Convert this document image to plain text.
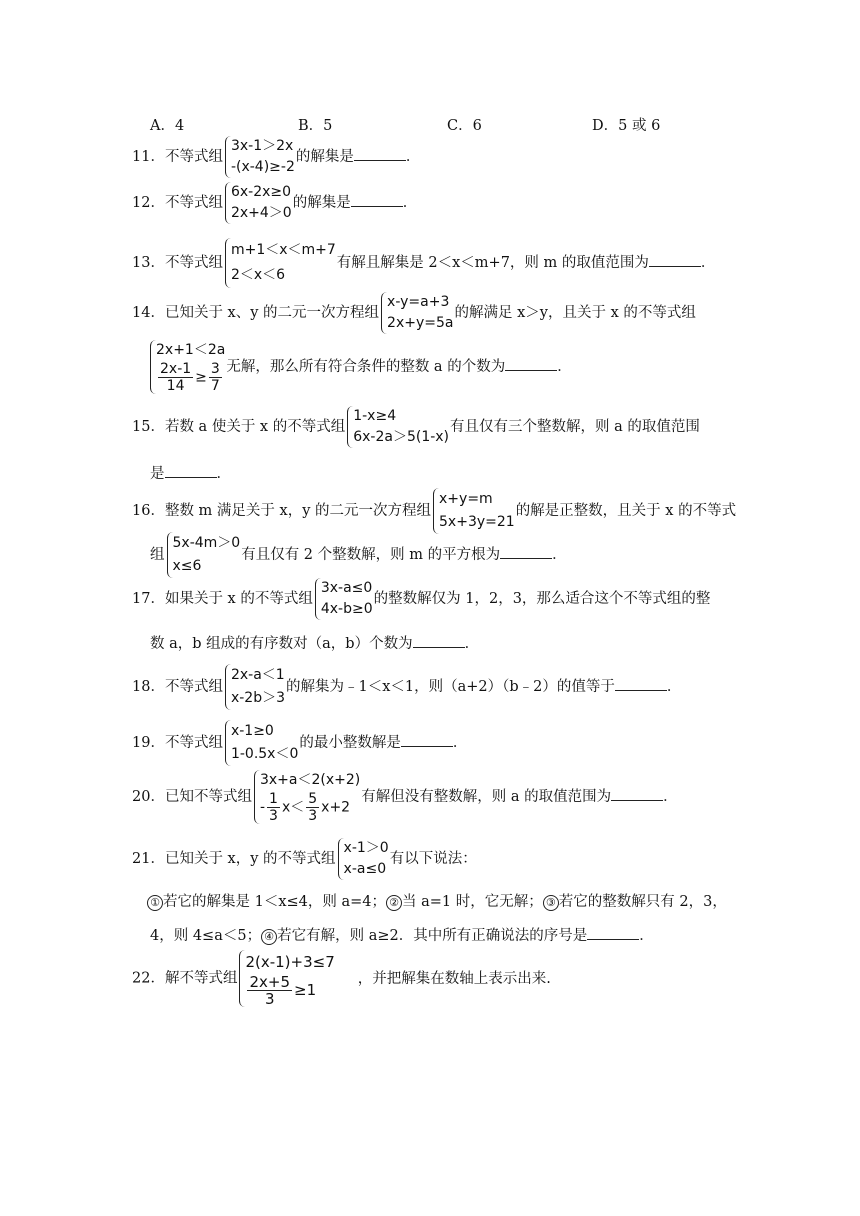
A．4	B．5	C．6	D．5 或 6
11．不等式组
3x-1＞2x
-(x-4)≥-2
的解集是	．
12．不等式组
6x-2x≥0
2x+4＞0
的解集是	．
13．不等式组
m+1＜x＜m+7
2＜x＜6
有解且解集是 2＜x＜m+7，则 m 的取值范围为	．
14．已知关于 x、y 的二元一次方程组
x-y=a+3
2x+y=5a
的解满足 x＞y，且关于 x 的不等式组
2x+1＜2a
$\frac{2x-1}{14} \ge \frac{3}{7}$ 无解，那么所有符合条件的整数 a 的个数为	．
15．若数 a 使关于 x 的不等式组
1-x≥4
6x-2a＞5(1-x)
有且仅有三个整数解，则 a 的取值范围
是	．
16．整数 m 满足关于 x，y 的二元一次方程组
x+y=m
5x+3y=21
的解是正整数，且关于 x 的不等式
组
5x-4m＞0
x≤6
有且仅有 2 个整数解，则 m 的平方根为	．
17．如果关于 x 的不等式组
3x-a≤0
4x-b≥0
的整数解仅为 1，2，3，那么适合这个不等式组的整
数 a，b 组成的有序数对（a，b）个数为	．
18．不等式组
2x-a＜1
x-2b＞3
的解集为﹣1＜x＜1，则（a+2）（b﹣2）的值等于	．
19．不等式组
x-1≥0
1-0.5x＜0
的最小整数解是	．
20．已知不等式组
3x+a＜2(x+2)
- $\frac{1}{3} x< \frac{5}{3} x+2$
有解但没有整数解，则 a 的取值范围为	．
21．已知关于 x，y 的不等式组
x-1＞0
x-a≤0
有以下说法：
① 若它的解集是 1＜x≤4，则 a=4； ② 当 a=1 时，它无解； ③ 若它的整数解只有 2，3，
4，则 4≤a＜5； ④ 若它有解，则 a≥2．其中所有正确说法的序号是	．
22．解不等式组
2(x-1)+3≤7
$\frac{2x+5}{3} \ge 1$
，并把解集在数轴上表示出来.
